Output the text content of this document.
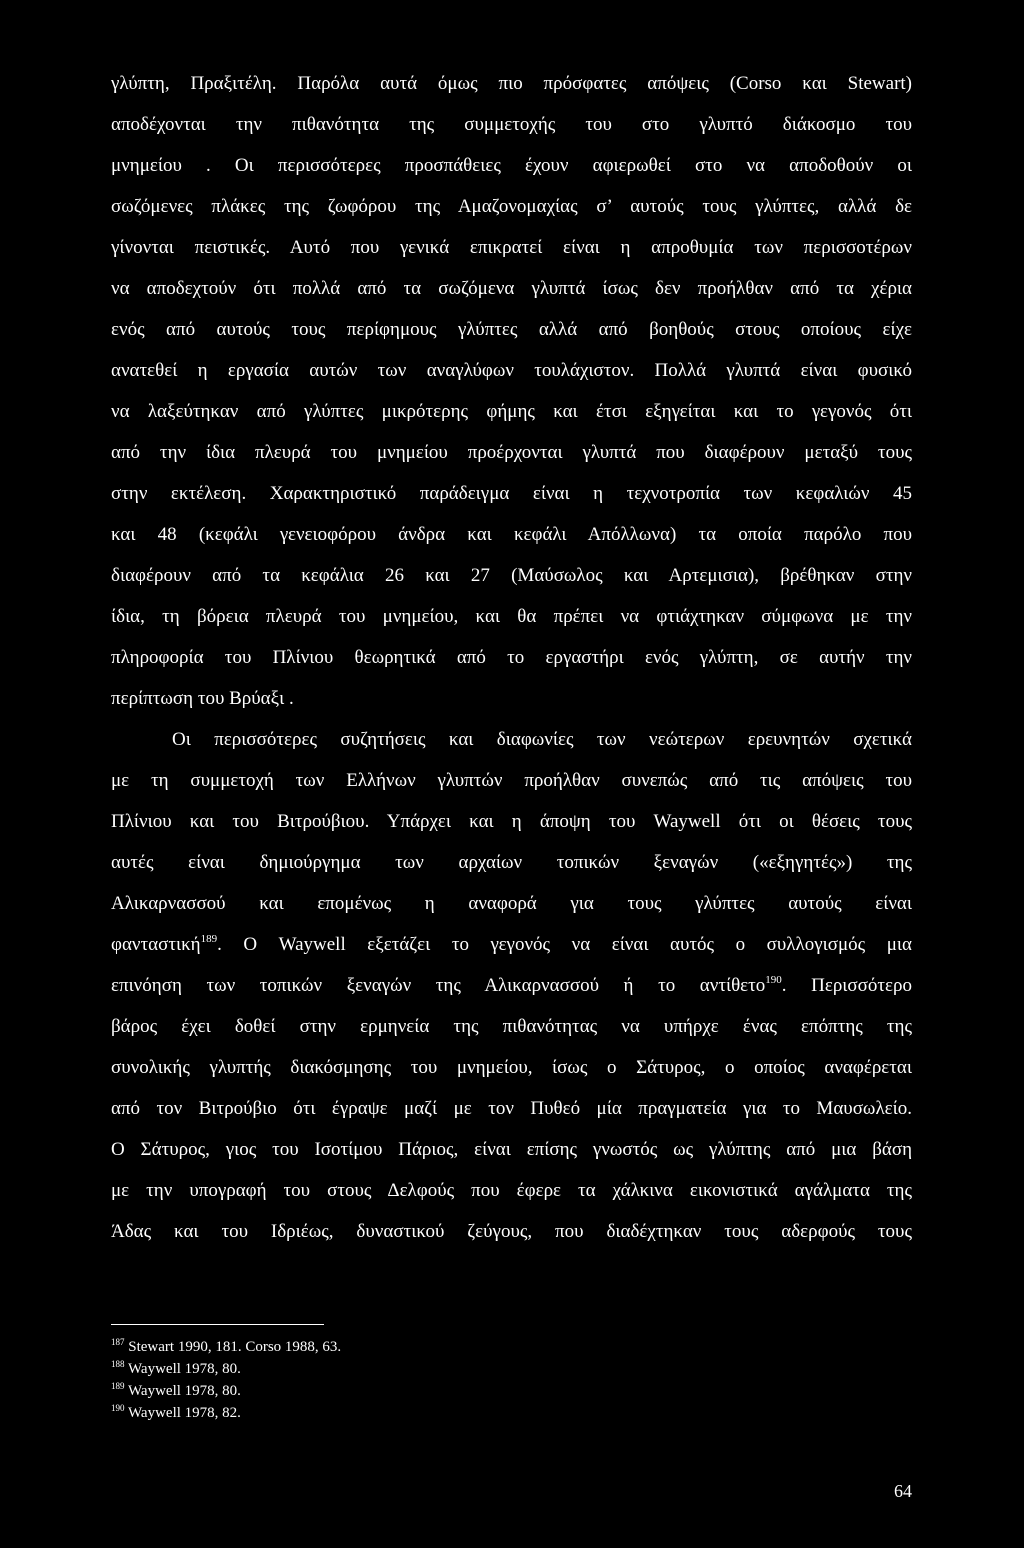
γλύπτη, Πραξιτέλη. Παρόλα αυτά όμως πιο πρόσφατες απόψεις (Corso και Stewart)
αποδέχονται την πιθανότητα της συμμετοχής του στο γλυπτό διάκοσμο του
μνημείου . Οι περισσότερες προσπάθειες έχουν αφιερωθεί στο να αποδοθούν οι
σωζόμενες πλάκες της ζωφόρου της Αμαζονομαχίας σ’ αυτούς τους γλύπτες, αλλά δε
γίνονται πειστικές. Αυτό που γενικά επικρατεί είναι η απροθυμία των περισσοτέρων
να αποδεχτούν ότι πολλά από τα σωζόμενα γλυπτά ίσως δεν προήλθαν από τα χέρια
ενός από αυτούς τους περίφημους γλύπτες αλλά από βοηθούς στους οποίους είχε
ανατεθεί η εργασία αυτών των αναγλύφων τουλάχιστον. Πολλά γλυπτά είναι φυσικό
να λαξεύτηκαν από γλύπτες μικρότερης φήμης και έτσι εξηγείται και το γεγονός ότι
από την ίδια πλευρά του μνημείου προέρχονται γλυπτά που διαφέρουν μεταξύ τους
στην εκτέλεση. Χαρακτηριστικό παράδειγμα είναι η τεχνοτροπία των κεφαλιών 45
και 48 (κεφάλι γενειοφόρου άνδρα και κεφάλι Απόλλωνα) τα οποία παρόλο που
διαφέρουν από τα κεφάλια 26 και 27 (Μαύσωλος και Αρτεμισια), βρέθηκαν στην
ίδια, τη βόρεια πλευρά του μνημείου, και θα πρέπει να φτιάχτηκαν σύμφωνα με την
πληροφορία του Πλίνιου θεωρητικά από το εργαστήρι ενός γλύπτη, σε αυτήν την
περίπτωση του Βρύαξι .
Οι περισσότερες συζητήσεις και διαφωνίες των νεώτερων ερευνητών σχετικά
με τη συμμετοχή των Ελλήνων γλυπτών προήλθαν συνεπώς από τις απόψεις του
Πλίνιου και του Βιτρούβιου. Υπάρχει και η άποψη του Waywell ότι οι θέσεις τους
αυτές είναι δημιούργημα των αρχαίων τοπικών ξεναγών («εξηγητές») της
Αλικαρνασσού και επομένως η αναφορά για τους γλύπτες αυτούς είναι
φανταστική$^{189}$. Ο Waywell εξετάζει το γεγονός να είναι αυτός ο συλλογισμός μια
επινόηση των τοπικών ξεναγών της Αλικαρνασσού ή το αντίθετο$^{190}$. Περισσότερο
βάρος έχει δοθεί στην ερμηνεία της πιθανότητας να υπήρχε ένας επόπτης της
συνολικής γλυπτής διακόσμησης του μνημείου, ίσως ο Σάτυρος, ο οποίος αναφέρεται
από τον Βιτρούβιο ότι έγραψε μαζί με τον Πυθεό μία πραγματεία για το Μαυσωλείο.
Ο Σάτυρος, γιος του Ισοτίμου Πάριος, είναι επίσης γνωστός ως γλύπτης από μια βάση
με την υπογραφή του στους Δελφούς που έφερε τα χάλκινα εικονιστικά αγάλματα της
Άδας και του Ιδριέως, δυναστικού ζεύγους, που διαδέχτηκαν τους αδερφούς τους
$^{187}$ Stewart 1990, 181. Corso 1988, 63.
$^{188}$ Waywell 1978, 80.
$^{189}$ Waywell 1978, 80.
$^{190}$ Waywell 1978, 82.
64
